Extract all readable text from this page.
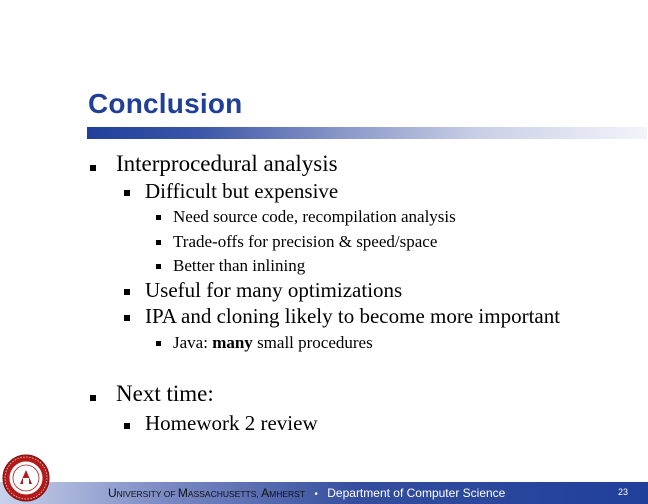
Conclusion
Interprocedural analysis
Difficult but expensive
Need source code, recompilation analysis
Trade-offs for precision & speed/space
Better than inlining
Useful for many optimizations
IPA and cloning likely to become more important
Java: many small procedures
Next time:
Homework 2 review
UNIVERSITY OF MASSACHUSETTS, AMHERST • Department of Computer Science	23
